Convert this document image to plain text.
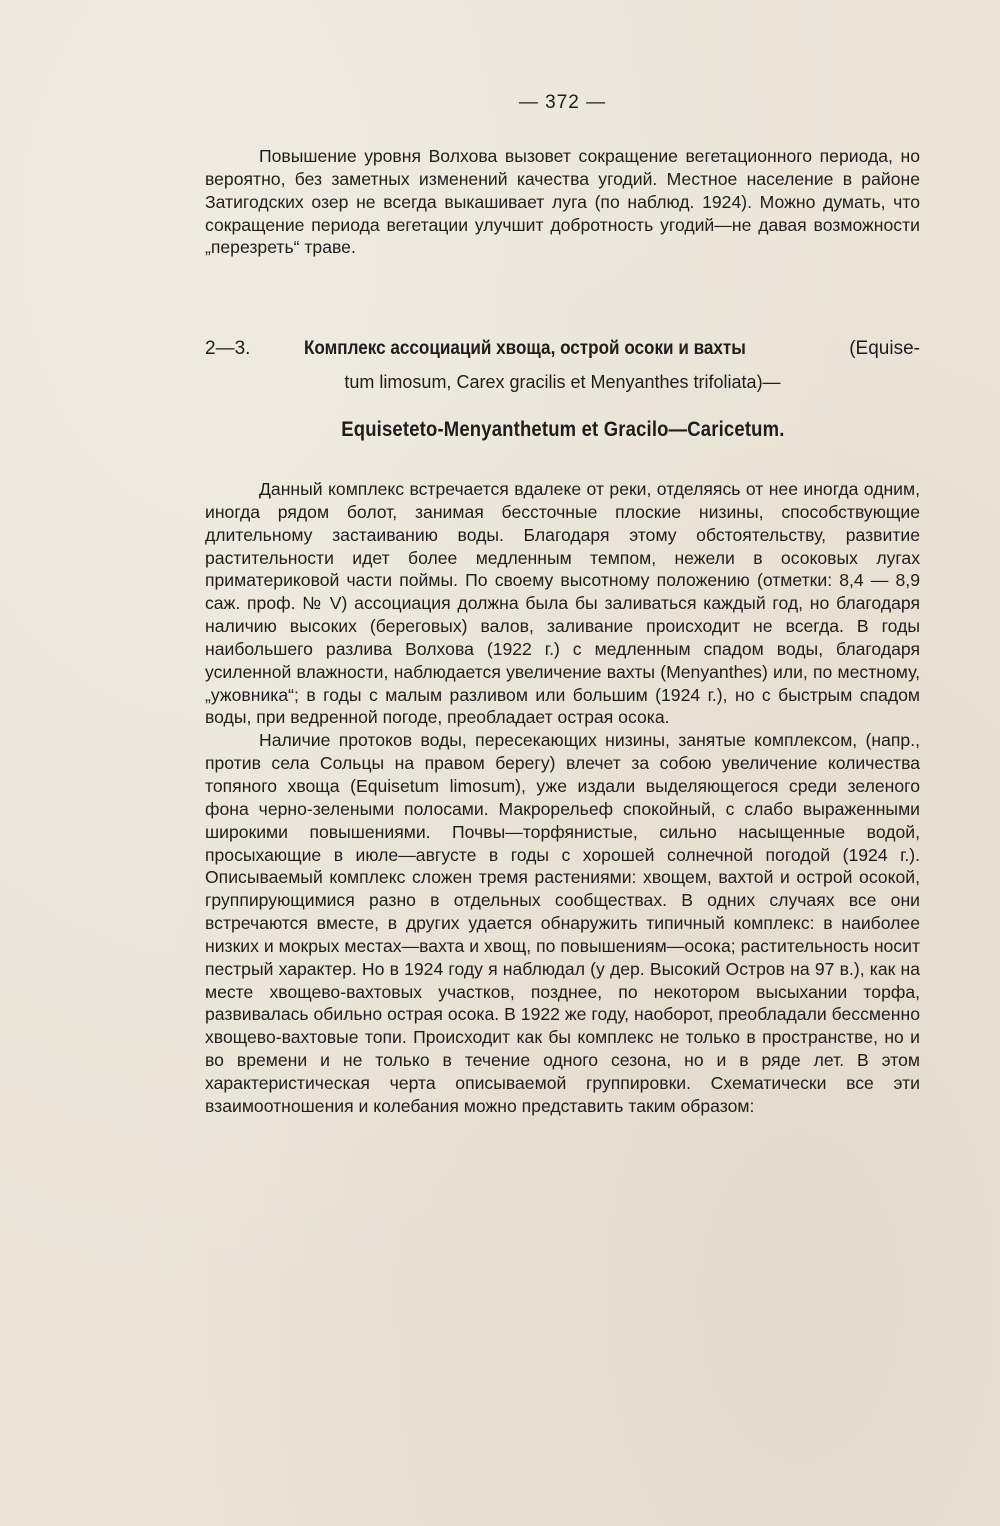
— 372 —

Повышение уровня Волхова вызовет сокращение вегетационного периода, но вероятно, без заметных изменений качества угодий. Местное население в районе Затигодских озер не всегда выкашивает луга (по наблюд. 1924). Можно думать, что сокращение периода вегетации улучшит добротность угодий—не давая возможности „перезреть“ траве.

2—3.	Комплекс ассоциаций хвоща, острой осоки и вахты	(Equise-
tum limosum, Carex gracilis et Menyanthes trifoliata)—
Equiseteto-Menyanthetum et Gracilo—Caricetum.

Данный комплекс встречается вдалеке от реки, отделяясь от нее иногда одним, иногда рядом болот, занимая бессточные плоские низины, способствующие длительному застаиванию воды. Благодаря этому обстоятельству, развитие растительности идет более медленным темпом, нежели в осоковых лугах приматериковой части поймы. По своему высотному положению (отметки: 8,4 — 8,9 саж. проф. № V) ассоциация должна была бы заливаться каждый год, но благодаря наличию высоких (береговых) валов, заливание происходит не всегда. В годы наибольшего разлива Волхова (1922 г.) с медленным спадом воды, благодаря усиленной влажности, наблюдается увеличение вахты (Menyanthes) или, по местному, „ужовника“; в годы с малым разливом или большим (1924 г.), но с быстрым спадом воды, при ведренной погоде, преобладает острая осока.

Наличие протоков воды, пересекающих низины, занятые комплексом, (напр., против села Сольцы на правом берегу) влечет за собою увеличение количества топяного хвоща (Equisetum limosum), уже издали выделяющегося среди зеленого фона черно-зелеными полосами. Макрорельеф спокойный, с слабо выраженными широкими повышениями. Почвы—торфянистые, сильно насыщенные водой, просыхающие в июле—августе в годы с хорошей солнечной погодой (1924 г.). Описываемый комплекс сложен тремя растениями: хвощем, вахтой и острой осокой, группирующимися разно в отдельных сообществах. В одних случаях все они встречаются вместе, в других удается обнаружить типичный комплекс: в наиболее низких и мокрых местах—вахта и хвощ, по повышениям—осока; растительность носит пестрый характер. Но в 1924 году я наблюдал (у дер. Высокий Остров на 97 в.), как на месте хвощево-вахтовых участков, позднее, по некотором высыхании торфа, развивалась обильно острая осока. В 1922 же году, наоборот, преобладали бессменно хвощево-вахтовые топи. Происходит как бы комплекс не только в пространстве, но и во времени и не только в течение одного сезона, но и в ряде лет. В этом характеристическая черта описываемой группировки. Схематически все эти взаимоотношения и колебания можно представить таким образом:
